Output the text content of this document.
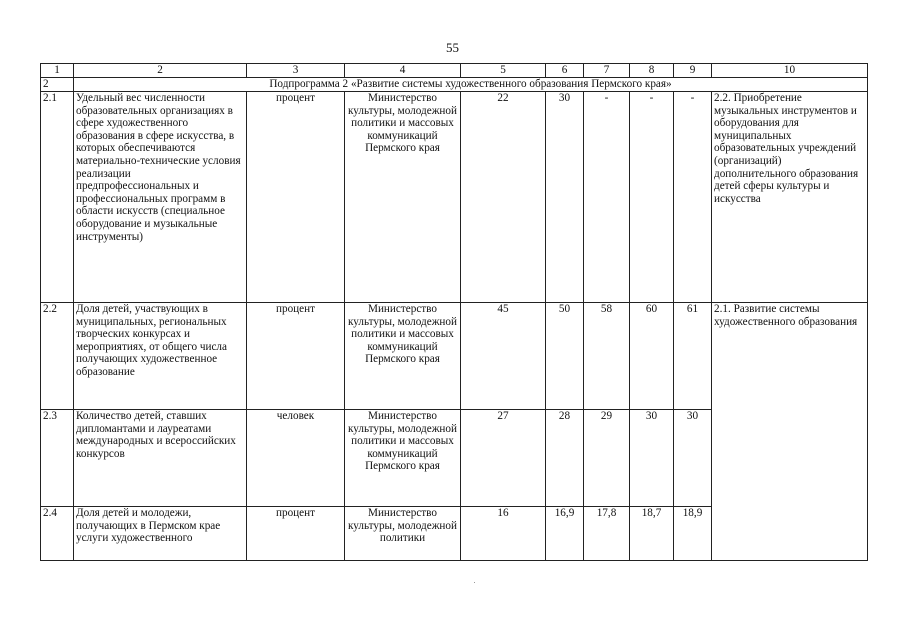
55
1	2	3	4	5	6	7	8	9	10
2	Подпрограмма 2 «Развитие системы художественного образования Пермского края»								
2.1	Удельный вес численности образовательных организациях в сфере художественного образования в сфере искусства, в которых обеспечиваются материально-технические условия реализации предпрофессиональных и профессиональных программ в области искусств (специальное оборудование и музыкальные инструменты)	процент	Министерство культуры, молодежной политики и массовых коммуникаций Пермского края	22	30	-	-	-	2.2. Приобретение музыкальных инструментов и оборудования для муниципальных образовательных учреждений (организаций) дополнительного образования детей сферы культуры и искусства
2.2	Доля детей, участвующих в муниципальных, региональных творческих конкурсах и мероприятиях, от общего числа получающих художественное образование	процент	Министерство культуры, молодежной политики и массовых коммуникаций Пермского края	45	50	58	60	61	2.1. Развитие системы художественного образования
2.3	Количество детей, ставших дипломантами и лауреатами международных и всероссийских конкурсов	человек	Министерство культуры, молодежной политики и массовых коммуникаций Пермского края	27	28	29	30	30	
2.4	Доля детей и молодежи, получающих в Пермском крае услуги художественного	процент	Министерство культуры, молодежной политики	16	16,9	17,8	18,7	18,9	
